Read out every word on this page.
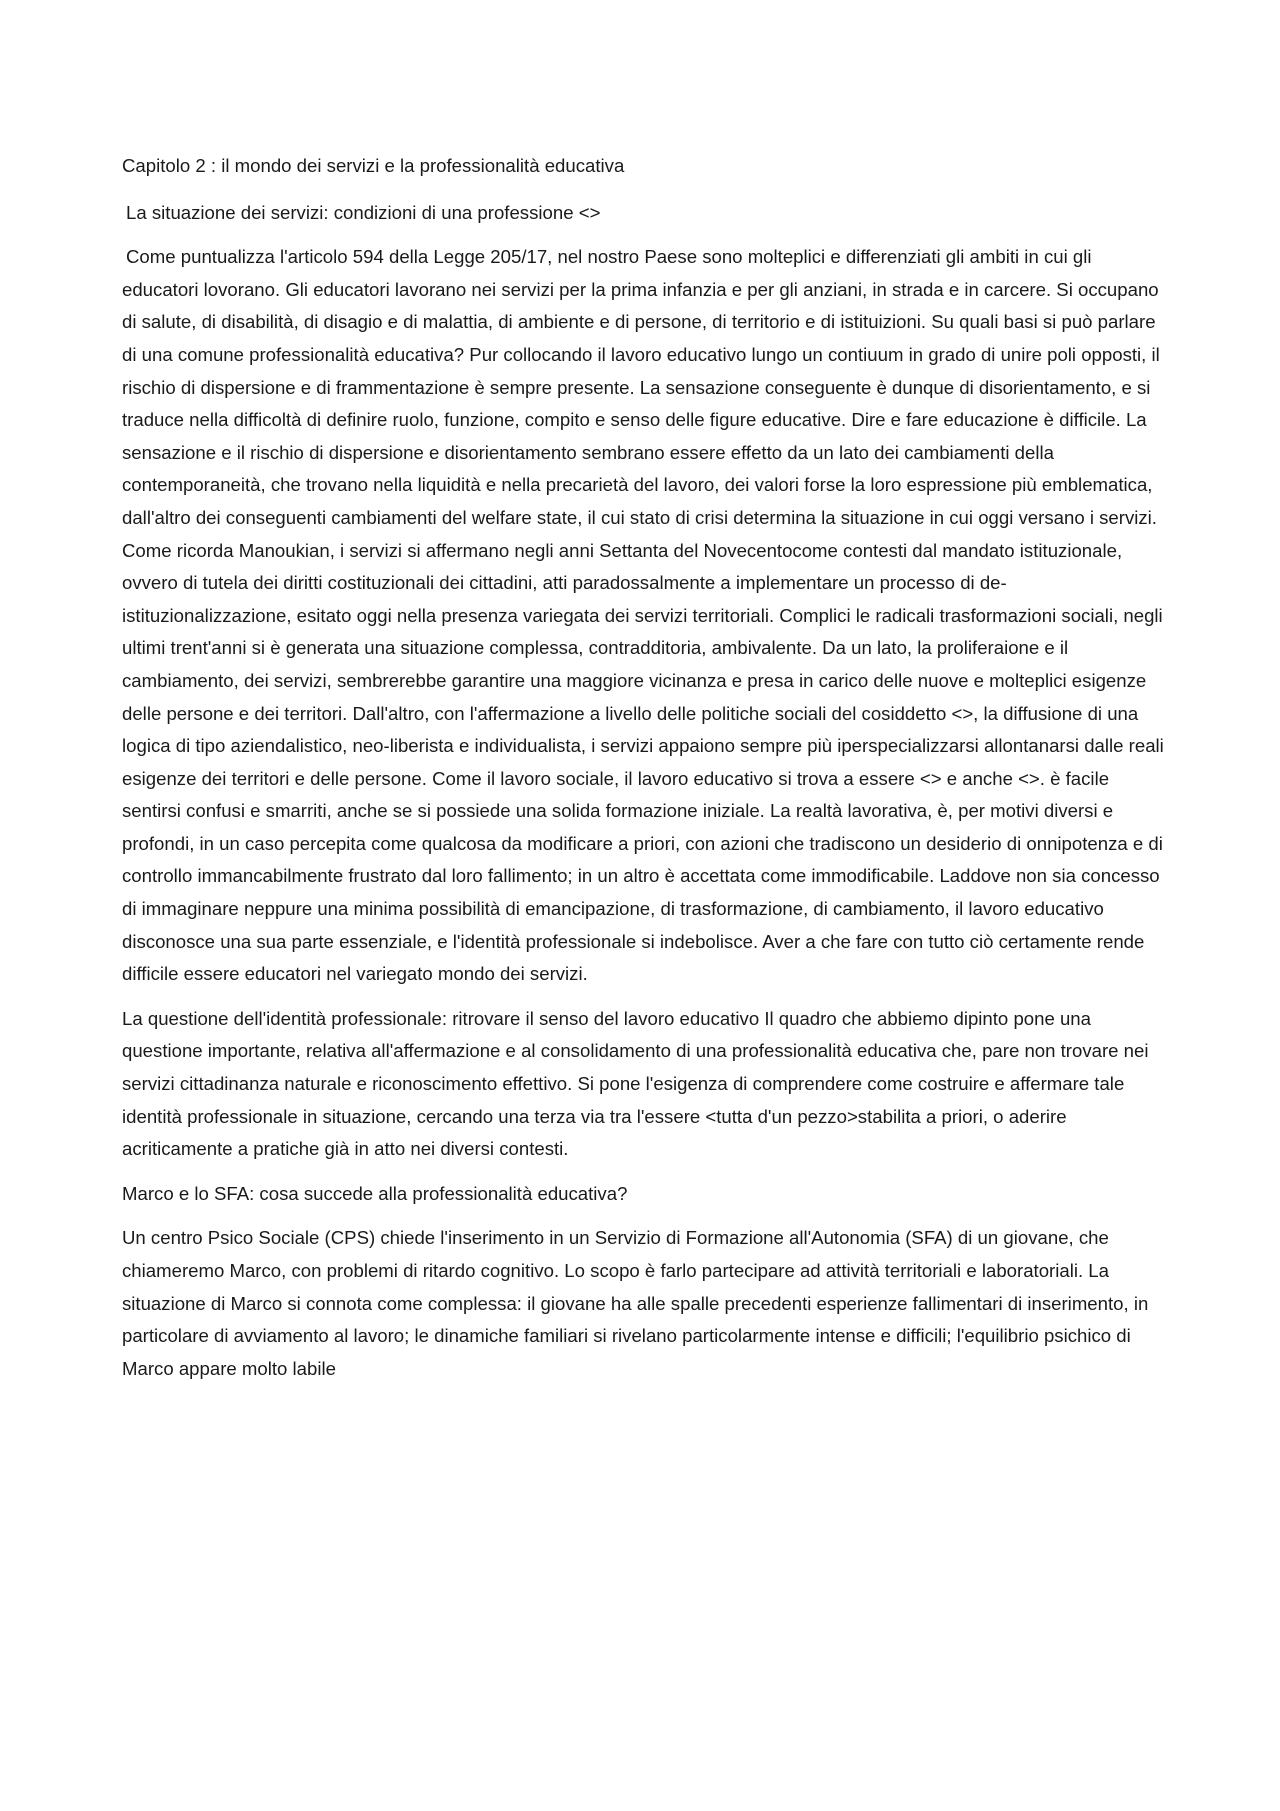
Capitolo 2 : il mondo dei servizi e la professionalità educativa

La situazione dei servizi: condizioni di una professione <>

Come puntualizza l'articolo 594 della Legge 205/17, nel nostro Paese sono molteplici e differenziati gli ambiti in cui gli educatori lovorano. Gli educatori lavorano nei servizi per la prima infanzia e per gli anziani, in strada e in carcere. Si occupano di salute, di disabilità, di disagio e di malattia, di ambiente e di persone, di territorio e di istituizioni. Su quali basi si può parlare di una comune professionalità educativa? Pur collocando il lavoro educativo lungo un contiuum in grado di unire poli opposti, il rischio di dispersione e di frammentazione è sempre presente. La sensazione conseguente è dunque di disorientamento, e si traduce nella difficoltà di definire ruolo, funzione, compito e senso delle figure educative. Dire e fare educazione è difficile. La sensazione e il rischio di dispersione e disorientamento sembrano essere effetto da un lato dei cambiamenti della contemporaneità, che trovano nella liquidità e nella precarietà del lavoro, dei valori forse la loro espressione più emblematica, dall'altro dei conseguenti cambiamenti del welfare state, il cui stato di crisi determina la situazione in cui oggi versano i servizi. Come ricorda Manoukian, i servizi si affermano negli anni Settanta del Novecentocome contesti dal mandato istituzionale, ovvero di tutela dei diritti costituzionali dei cittadini, atti paradossalmente a implementare un processo di de-istituzionalizzazione, esitato oggi nella presenza variegata dei servizi territoriali. Complici le radicali trasformazioni sociali, negli ultimi trent'anni si è generata una situazione complessa, contradditoria, ambivalente. Da un lato, la proliferaione e il cambiamento, dei servizi, sembrerebbe garantire una maggiore vicinanza e presa in carico delle nuove e molteplici esigenze delle persone e dei territori. Dall'altro, con l'affermazione a livello delle politiche sociali del cosiddetto <>, la diffusione di una logica di tipo aziendalistico, neo-liberista e individualista, i servizi appaiono sempre più iperspecializzarsi allontanarsi dalle reali esigenze dei territori e delle persone. Come il lavoro sociale, il lavoro educativo si trova a essere <> e anche <>. è facile sentirsi confusi e smarriti, anche se si possiede una solida formazione iniziale. La realtà lavorativa, è, per motivi diversi e profondi, in un caso percepita come qualcosa da modificare a priori, con azioni che tradiscono un desiderio di onnipotenza e di controllo immancabilmente frustrato dal loro fallimento; in un altro è accettata come immodificabile. Laddove non sia concesso di immaginare neppure una minima possibilità di emancipazione, di trasformazione, di cambiamento, il lavoro educativo disconosce una sua parte essenziale, e l'identità professionale si indebolisce. Aver a che fare con tutto ciò certamente rende difficile essere educatori nel variegato mondo dei servizi.

La questione dell'identità professionale: ritrovare il senso del lavoro educativo Il quadro che abbiemo dipinto pone una questione importante, relativa all'affermazione e al consolidamento di una professionalità educativa che, pare non trovare nei servizi cittadinanza naturale e riconoscimento effettivo. Si pone l'esigenza di comprendere come costruire e affermare tale identità professionale in situazione, cercando una terza via tra l'essere <tutta d'un pezzo>stabilita a priori, o aderire acriticamente a pratiche già in atto nei diversi contesti.

Marco e lo SFA: cosa succede alla professionalità educativa?

Un centro Psico Sociale (CPS) chiede l'inserimento in un Servizio di Formazione all'Autonomia (SFA) di un giovane, che chiameremo Marco, con problemi di ritardo cognitivo. Lo scopo è farlo partecipare ad attività territoriali e laboratoriali. La situazione di Marco si connota come complessa: il giovane ha alle spalle precedenti esperienze fallimentari di inserimento, in particolare di avviamento al lavoro; le dinamiche familiari si rivelano particolarmente intense e difficili; l'equilibrio psichico di Marco appare molto labile
